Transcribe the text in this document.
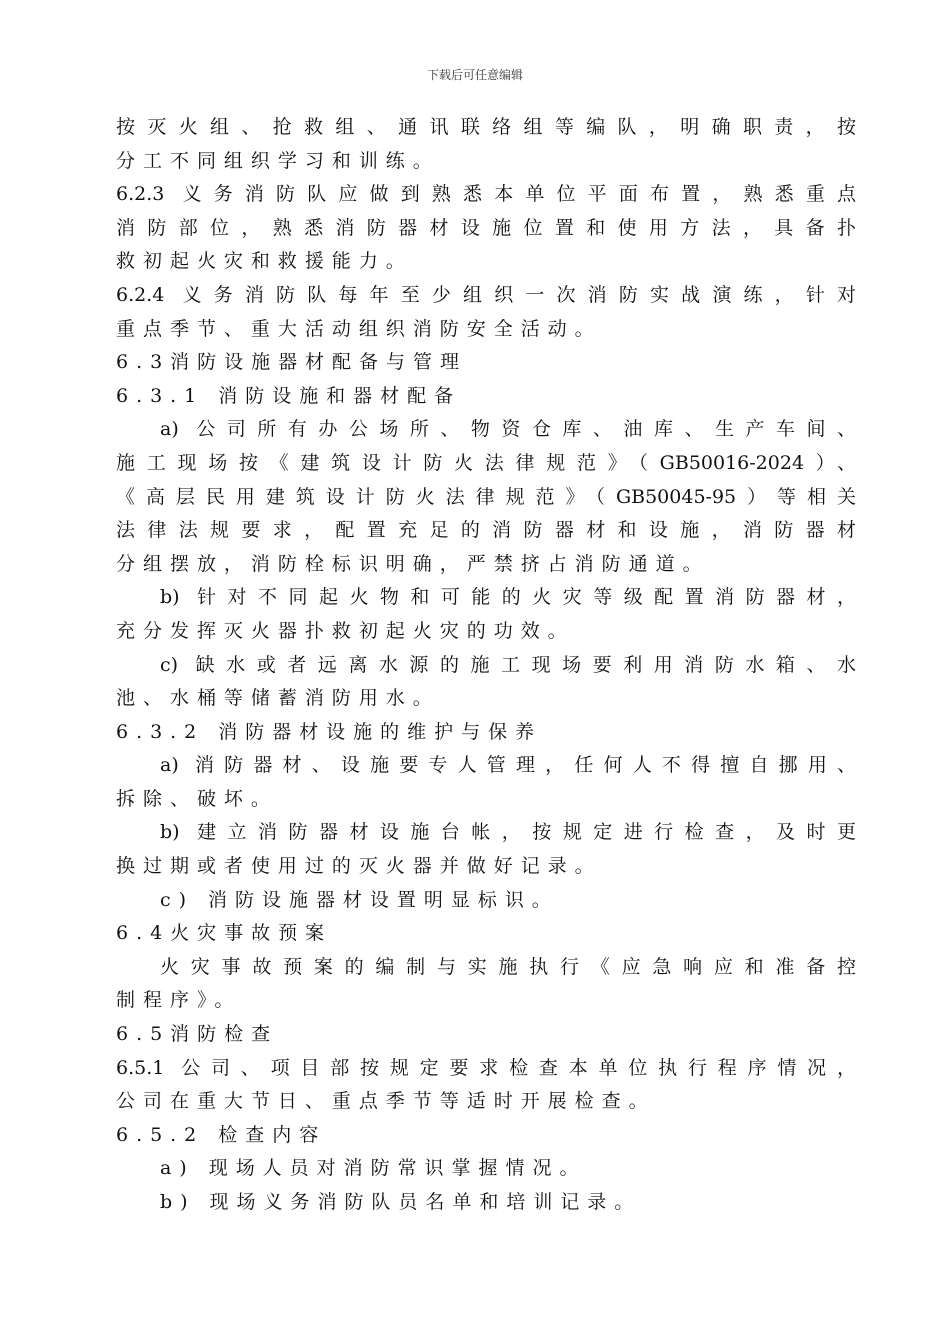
下载后可任意编辑
按灭火组、抢救组、通讯联络组等编队，明确职责，按
分工不同组织学习和训练。
6.2.3 义务消防队应做到熟悉本单位平面布置，熟悉重点
消防部位，熟悉消防器材设施位置和使用方法，具备扑
救初起火灾和救援能力。
6.2.4 义务消防队每年至少组织一次消防实战演练，针对
重点季节、重大活动组织消防安全活动。
6.3消防设施器材配备与管理
6.3.1 消防设施和器材配备
a) 公司所有办公场所、物资仓库、油库、生产车间、
施工现场按《建筑设计防火法律规范》（GB50016-2024）、
《高层民用建筑设计防火法律规范》（GB50045-95）等相关
法律法规要求，配置充足的消防器材和设施，消防器材
分组摆放，消防栓标识明确，严禁挤占消防通道。
b) 针对不同起火物和可能的火灾等级配置消防器材，
充分发挥灭火器扑救初起火灾的功效。
c) 缺水或者远离水源的施工现场要利用消防水箱、水
池、水桶等储蓄消防用水。
6.3.2 消防器材设施的维护与保养
a) 消防器材、设施要专人管理，任何人不得擅自挪用、
拆除、破坏。
b) 建立消防器材设施台帐，按规定进行检查，及时更
换过期或者使用过的灭火器并做好记录。
c) 消防设施器材设置明显标识。
6.4火灾事故预案
火灾事故预案的编制与实施执行《应急响应和准备控
制程序》。
6.5消防检查
6.5.1 公司、项目部按规定要求检查本单位执行程序情况，
公司在重大节日、重点季节等适时开展检查。
6.5.2 检查内容
a) 现场人员对消防常识掌握情况。
b) 现场义务消防队员名单和培训记录。
